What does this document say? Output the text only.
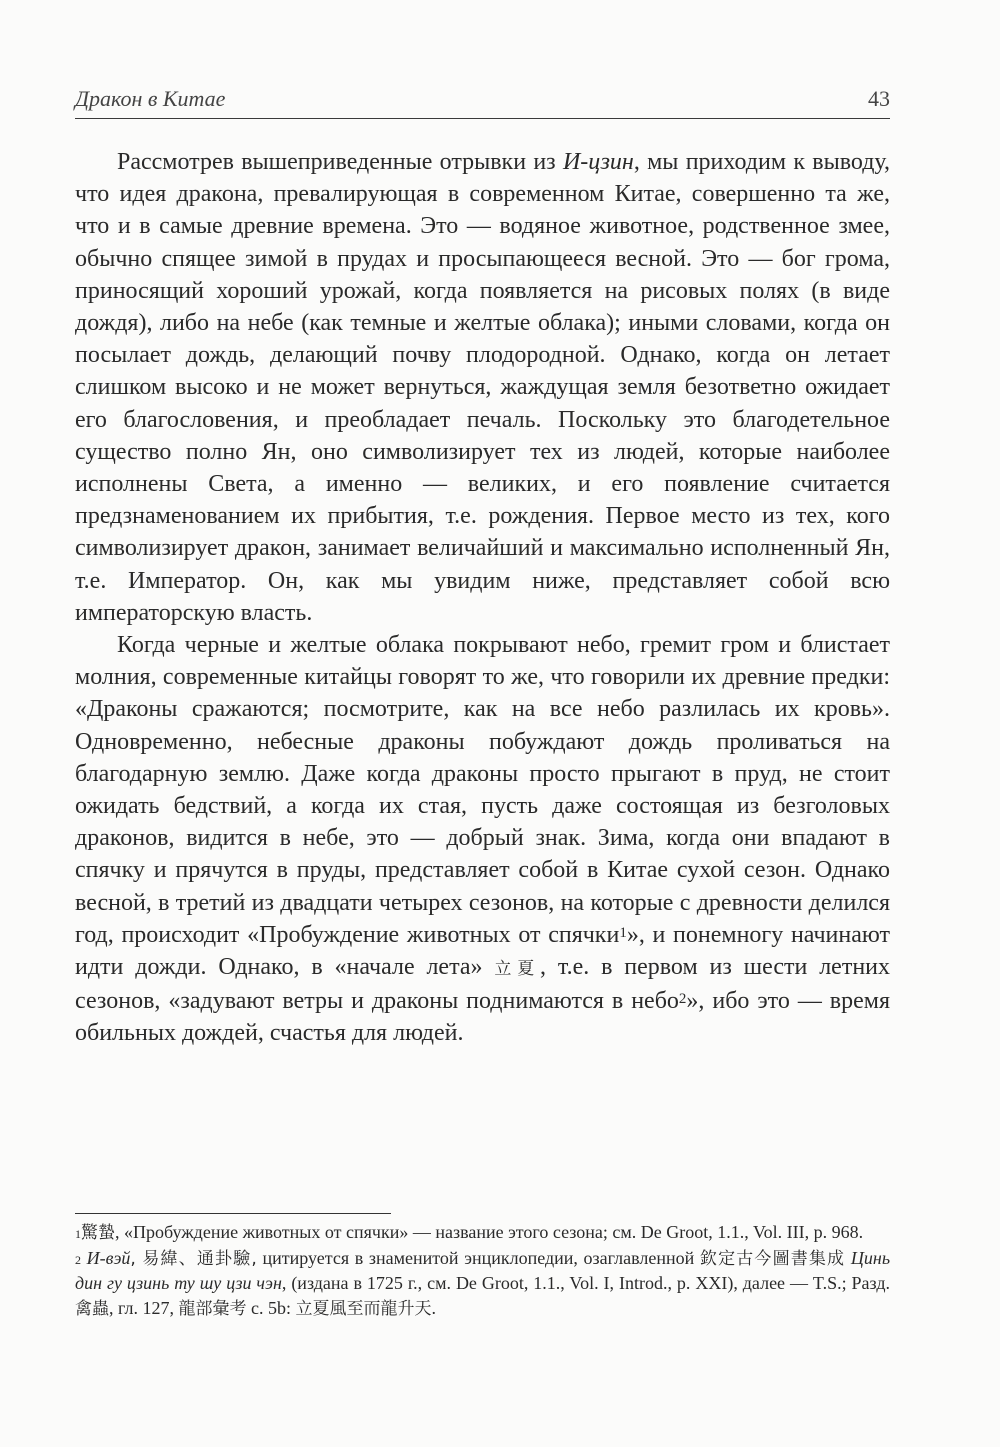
Дракон в Китае	43

Рассмотрев вышеприведенные отрывки из И-цзин, мы приходим к выводу, что идея дракона, превалирующая в современном Китае, совершенно та же, что и в самые древние времена. Это — водяное животное, родственное змее, обычно спящее зимой в прудах и просыпающееся весной. Это — бог грома, приносящий хороший урожай, когда появляется на рисовых полях (в виде дождя), либо на небе (как темные и желтые облака); иными словами, когда он посылает дождь, делающий почву плодородной. Однако, когда он летает слишком высоко и не может вернуться, жаждущая земля безответно ожидает его благословения, и преобладает печаль. Поскольку это благодетельное существо полно Ян, оно символизирует тех из людей, которые наиболее исполнены Света, а именно — великих, и его появление считается предзнаменованием их прибытия, т.е. рождения. Первое место из тех, кого символизирует дракон, занимает величайший и максимально исполненный Ян, т.е. Император. Он, как мы увидим ниже, представляет собой всю императорскую власть.

Когда черные и желтые облака покрывают небо, гремит гром и блистает молния, современные китайцы говорят то же, что говорили их древние предки: «Драконы сражаются; посмотрите, как на все небо разлилась их кровь». Одновременно, небесные драконы побуждают дождь проливаться на благодарную землю. Даже когда драконы просто прыгают в пруд, не стоит ожидать бедствий, а когда их стая, пусть даже состоящая из безголовых драконов, видится в небе, это — добрый знак. Зима, когда они впадают в спячку и прячутся в пруды, представляет собой в Китае сухой сезон. Однако весной, в третий из двадцати четырех сезонов, на которые с древности делился год, происходит «Пробуждение животных от спячки$^1$», и понемногу начинают идти дожди. Однако, в «начале лета» 立夏, т.е. в первом из шести летних сезонов, «задувают ветры и драконы поднимаются в небо$^2$», ибо это — время обильных дождей, счастья для людей.

$^1$驚蟄, «Пробуждение животных от спячки» — название этого сезона; см. De Groot, 1.1., Vol. III, p. 968.

$^2$ И-вэй, 易緯、通卦驗, цитируется в знаменитой энциклопедии, озаглавленной 欽定古今圖書集成 Цинь дин гу цзинь ту шу цзи чэн, (издана в 1725 г., см. De Groot, 1.1., Vol. I, Introd., p. XXI), далее — T.S.; Разд. 禽蟲, гл. 127, 龍部彙考 с. 5b: 立夏風至而龍升天.
